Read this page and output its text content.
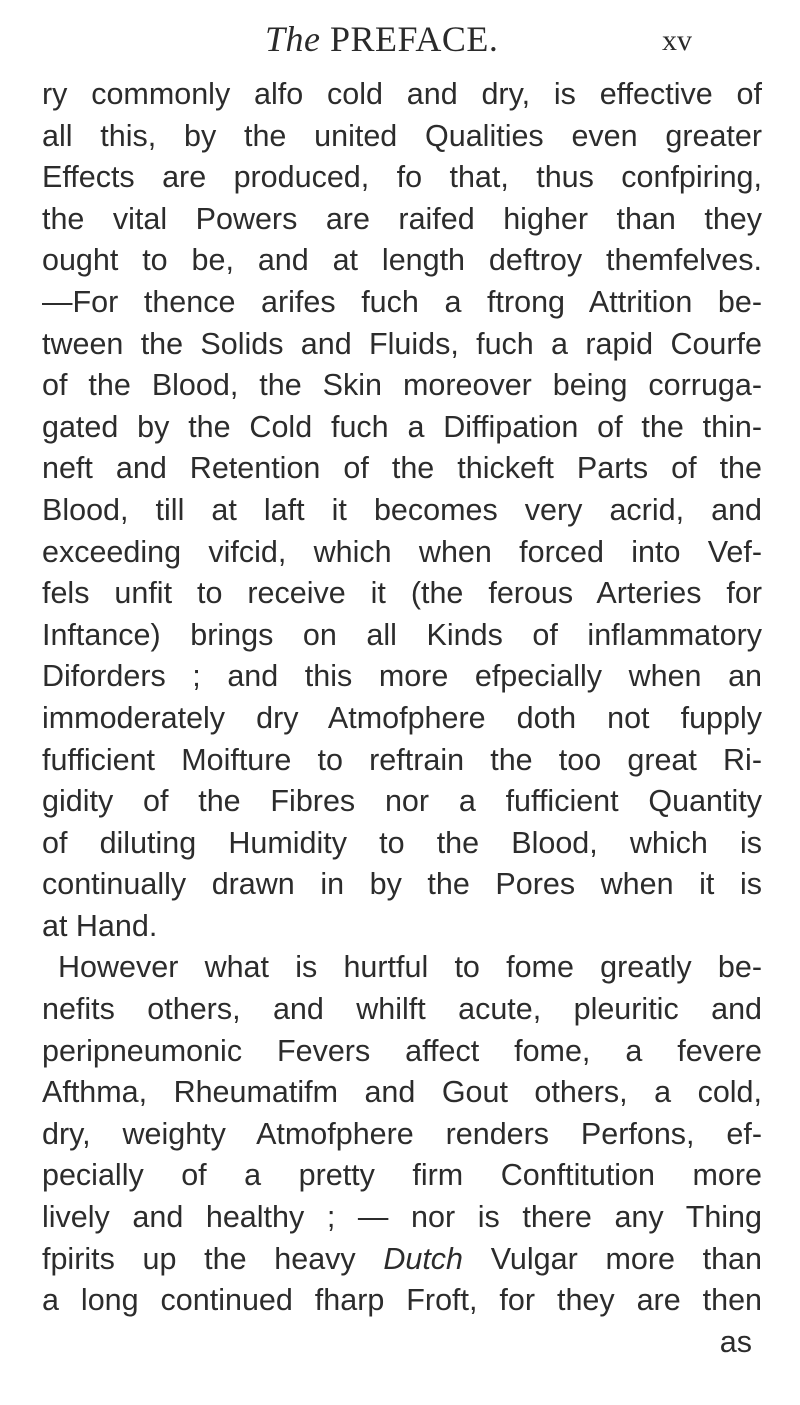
The PREFACE.	xv
ry commonly alfo cold and dry, is effective of
all this, by the united Qualities even greater
Effects are produced, fo that, thus confpiring,
the vital Powers are raifed higher than they
ought to be, and at length deftroy themfelves.
—For thence arifes fuch a ftrong Attrition be-
tween the Solids and Fluids, fuch a rapid Courfe
of the Blood, the Skin moreover being corruga-
gated by the Cold fuch a Diffipation of the thin-
neft and Retention of the thickeft Parts of the
Blood, till at laft it becomes very acrid, and
exceeding vifcid, which when forced into Vef-
fels unfit to receive it (the ferous Arteries for
Inftance) brings on all Kinds of inflammatory
Diforders ; and this more efpecially when an
immoderately dry Atmofphere doth not fupply
fufficient Moifture to reftrain the too great Ri-
gidity of the Fibres nor a fufficient Quantity
of diluting Humidity to the Blood, which is
continually drawn in by the Pores when it is
at Hand.
However what is hurtful to fome greatly be-
nefits others, and whilft acute, pleuritic and
peripneumonic Fevers affect fome, a fevere
Afthma, Rheumatifm and Gout others, a cold,
dry, weighty Atmofphere renders Perfons, ef-
pecially of a pretty firm Conftitution more
lively and healthy ; — nor is there any Thing
fpirits up the heavy Dutch Vulgar more than
a long continued fharp Froft, for they are then
as
